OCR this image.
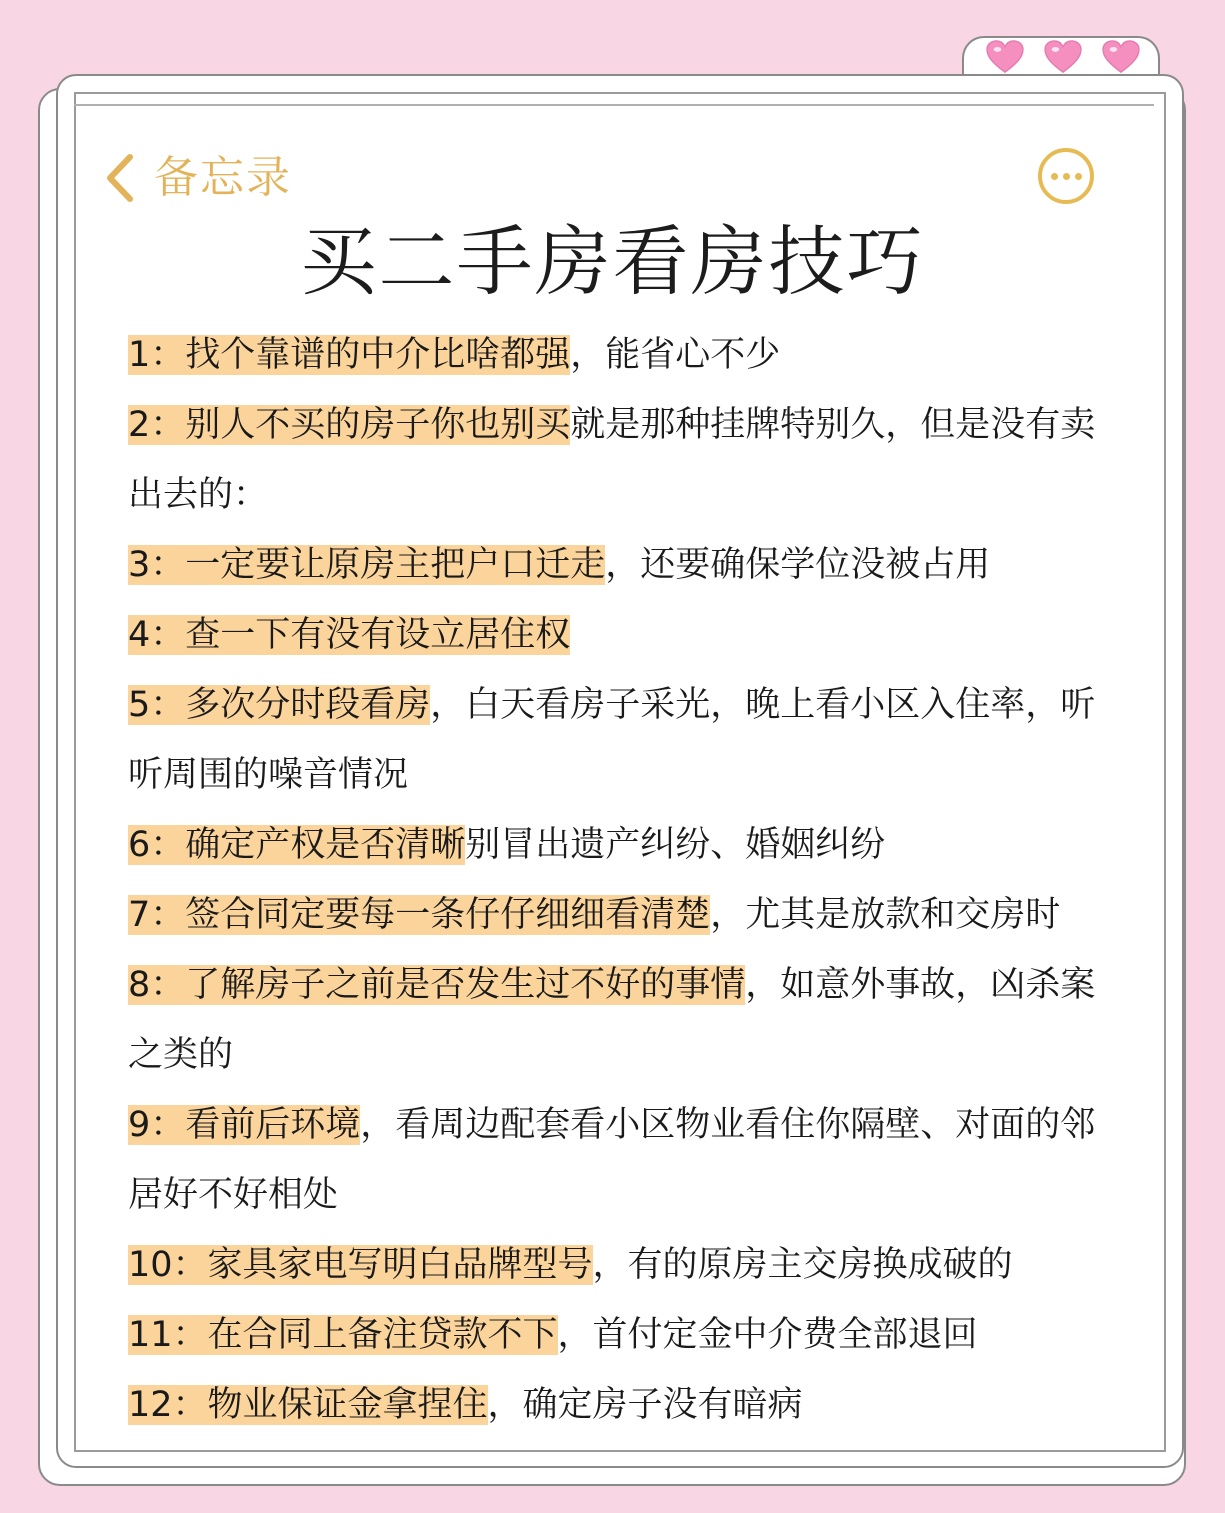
备忘录
买二手房看房技巧
1：找个靠谱的中介比啥都强，能省心不少
2：别人不买的房子你也别买就是那种挂牌特别久，但是没有卖出去的：
3：一定要让原房主把户口迁走，还要确保学位没被占用
4：查一下有没有设立居住权
5：多次分时段看房，白天看房子采光，晚上看小区入住率，听听周围的噪音情况
6：确定产权是否清晰别冒出遗产纠纷、婚姻纠纷
7：签合同定要每一条仔仔细细看清楚，尤其是放款和交房时
8：了解房子之前是否发生过不好的事情，如意外事故，凶杀案之类的
9：看前后环境，看周边配套看小区物业看住你隔壁、对面的邻居好不好相处
10：家具家电写明白品牌型号，有的原房主交房换成破的
11：在合同上备注贷款不下，首付定金中介费全部退回
12：物业保证金拿捏住，确定房子没有暗病
